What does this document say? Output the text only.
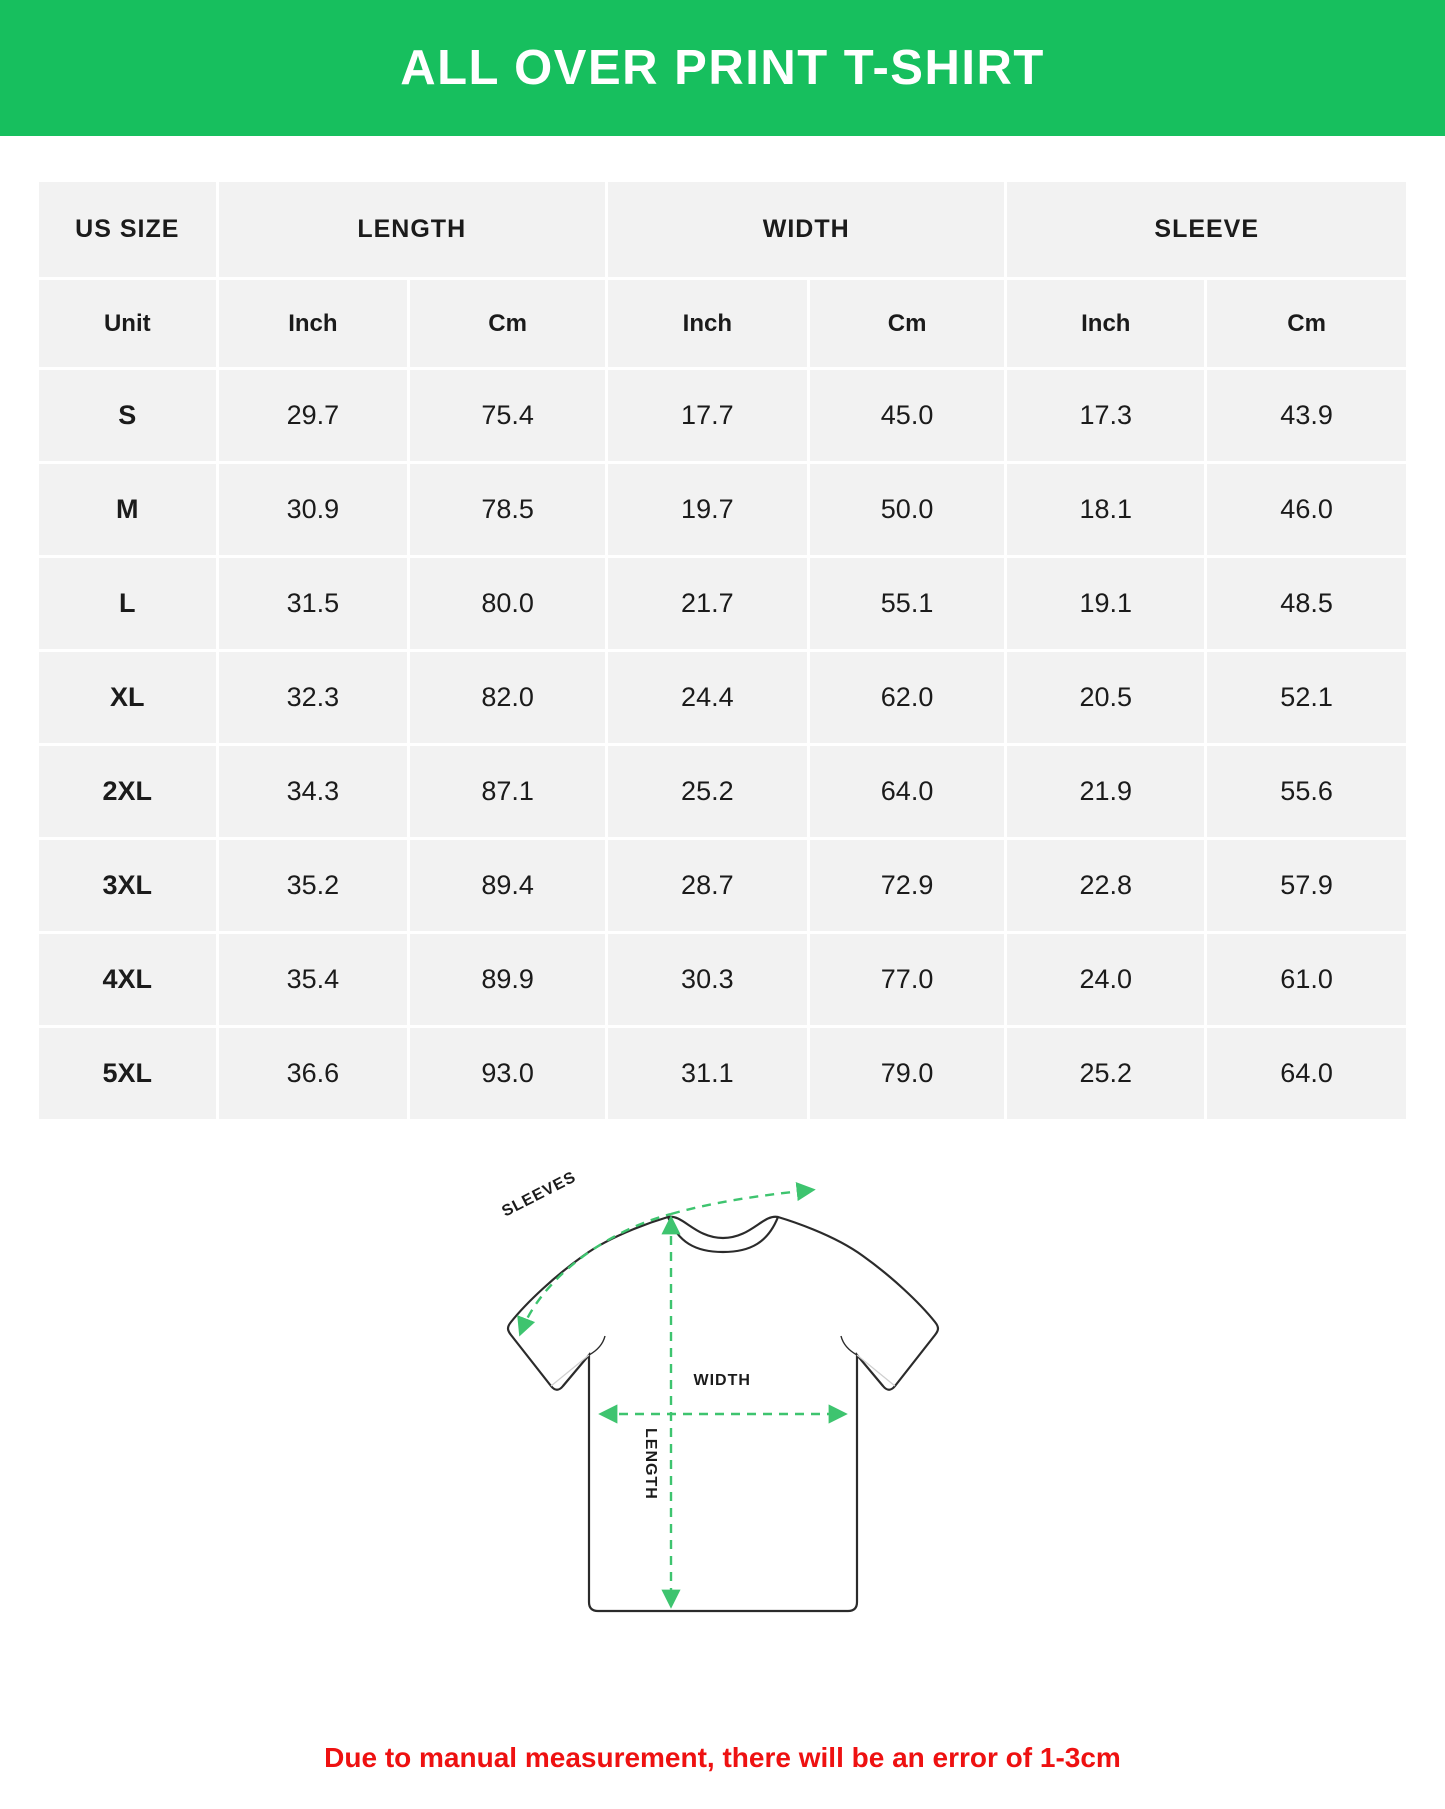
ALL OVER PRINT T-SHIRT
US SIZE	LENGTH		WIDTH		SLEEVE	
Unit	Inch	Cm	Inch	Cm	Inch	Cm
S	29.7	75.4	17.7	45.0	17.3	43.9
M	30.9	78.5	19.7	50.0	18.1	46.0
L	31.5	80.0	21.7	55.1	19.1	48.5
XL	32.3	82.0	24.4	62.0	20.5	52.1
2XL	34.3	87.1	25.2	64.0	21.9	55.6
3XL	35.2	89.4	28.7	72.9	22.8	57.9
4XL	35.4	89.9	30.3	77.0	24.0	61.0
5XL	36.6	93.0	31.1	79.0	25.2	64.0
SLEEVES
WIDTH
LENGTH
Due to manual measurement, there will be an error of 1-3cm
